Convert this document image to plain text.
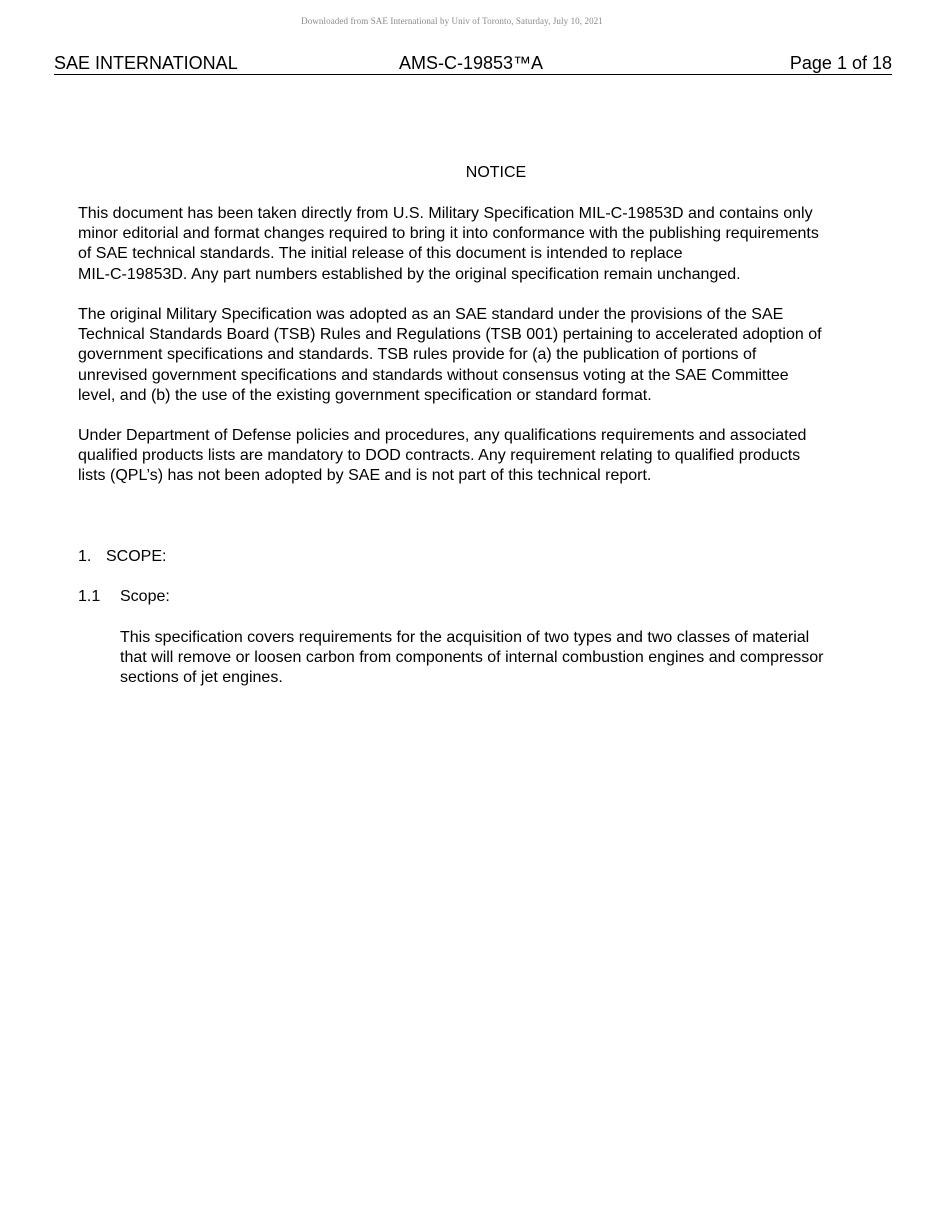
Downloaded from SAE International by Univ of Toronto, Saturday, July 10, 2021
SAE INTERNATIONAL	AMS-C-19853™A	Page 1 of 18
NOTICE

This document has been taken directly from U.S. Military Specification MIL-C-19853D and contains only
minor editorial and format changes required to bring it into conformance with the publishing requirements
of SAE technical standards. The initial release of this document is intended to replace
MIL-C-19853D. Any part numbers established by the original specification remain unchanged.

The original Military Specification was adopted as an SAE standard under the provisions of the SAE
Technical Standards Board (TSB) Rules and Regulations (TSB 001) pertaining to accelerated adoption of
government specifications and standards. TSB rules provide for (a) the publication of portions of
unrevised government specifications and standards without consensus voting at the SAE Committee
level, and (b) the use of the existing government specification or standard format.

Under Department of Defense policies and procedures, any qualifications requirements and associated
qualified products lists are mandatory to DOD contracts. Any requirement relating to qualified products
lists (QPL’s) has not been adopted by SAE and is not part of this technical report.

1. SCOPE:
1.1 Scope:

This specification covers requirements for the acquisition of two types and two classes of material
that will remove or loosen carbon from components of internal combustion engines and compressor
sections of jet engines.
